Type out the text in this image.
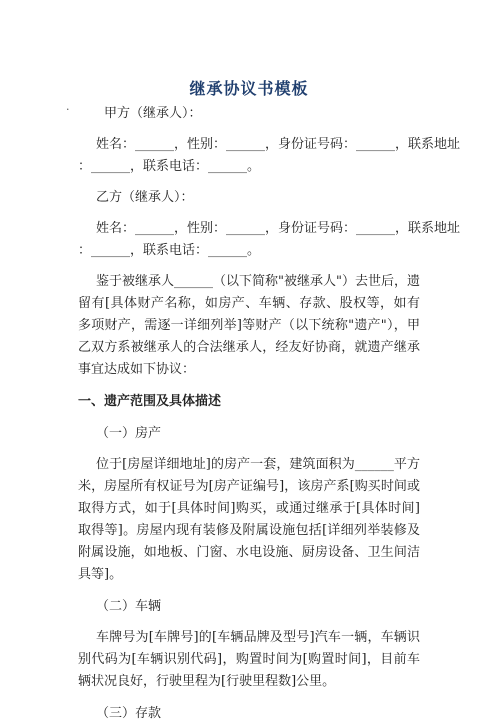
·
继承协议书模板
甲方（继承人）：
姓名：______，性别：______，身份证号码：______，联系地址
：______，联系电话：______。
乙方（继承人）：
姓名：______，性别：______，身份证号码：______，联系地址
：______，联系电话：______。
鉴于被继承人______（以下简称"被继承人"）去世后，遗留有[具体财产名称，如房产、车辆、存款、股权等，如有多项财产，需逐一详细列举]等财产（以下统称"遗产"），甲乙双方系被继承人的合法继承人，经友好协商，就遗产继承事宜达成如下协议：
一、遗产范围及具体描述
（一）房产
位于[房屋详细地址]的房产一套，建筑面积为______平方米，房屋所有权证号为[房产证编号]，该房产系[购买时间或取得方式，如于[具体时间]购买，或通过继承于[具体时间]取得等]。房屋内现有装修及附属设施包括[详细列举装修及附属设施，如地板、门窗、水电设施、厨房设备、卫生间洁具等]。
（二）车辆
车牌号为[车牌号]的[车辆品牌及型号]汽车一辆，车辆识别代码为[车辆识别代码]，购置时间为[购置时间]，目前车辆状况良好，行驶里程为[行驶里程数]公里。
（三）存款
